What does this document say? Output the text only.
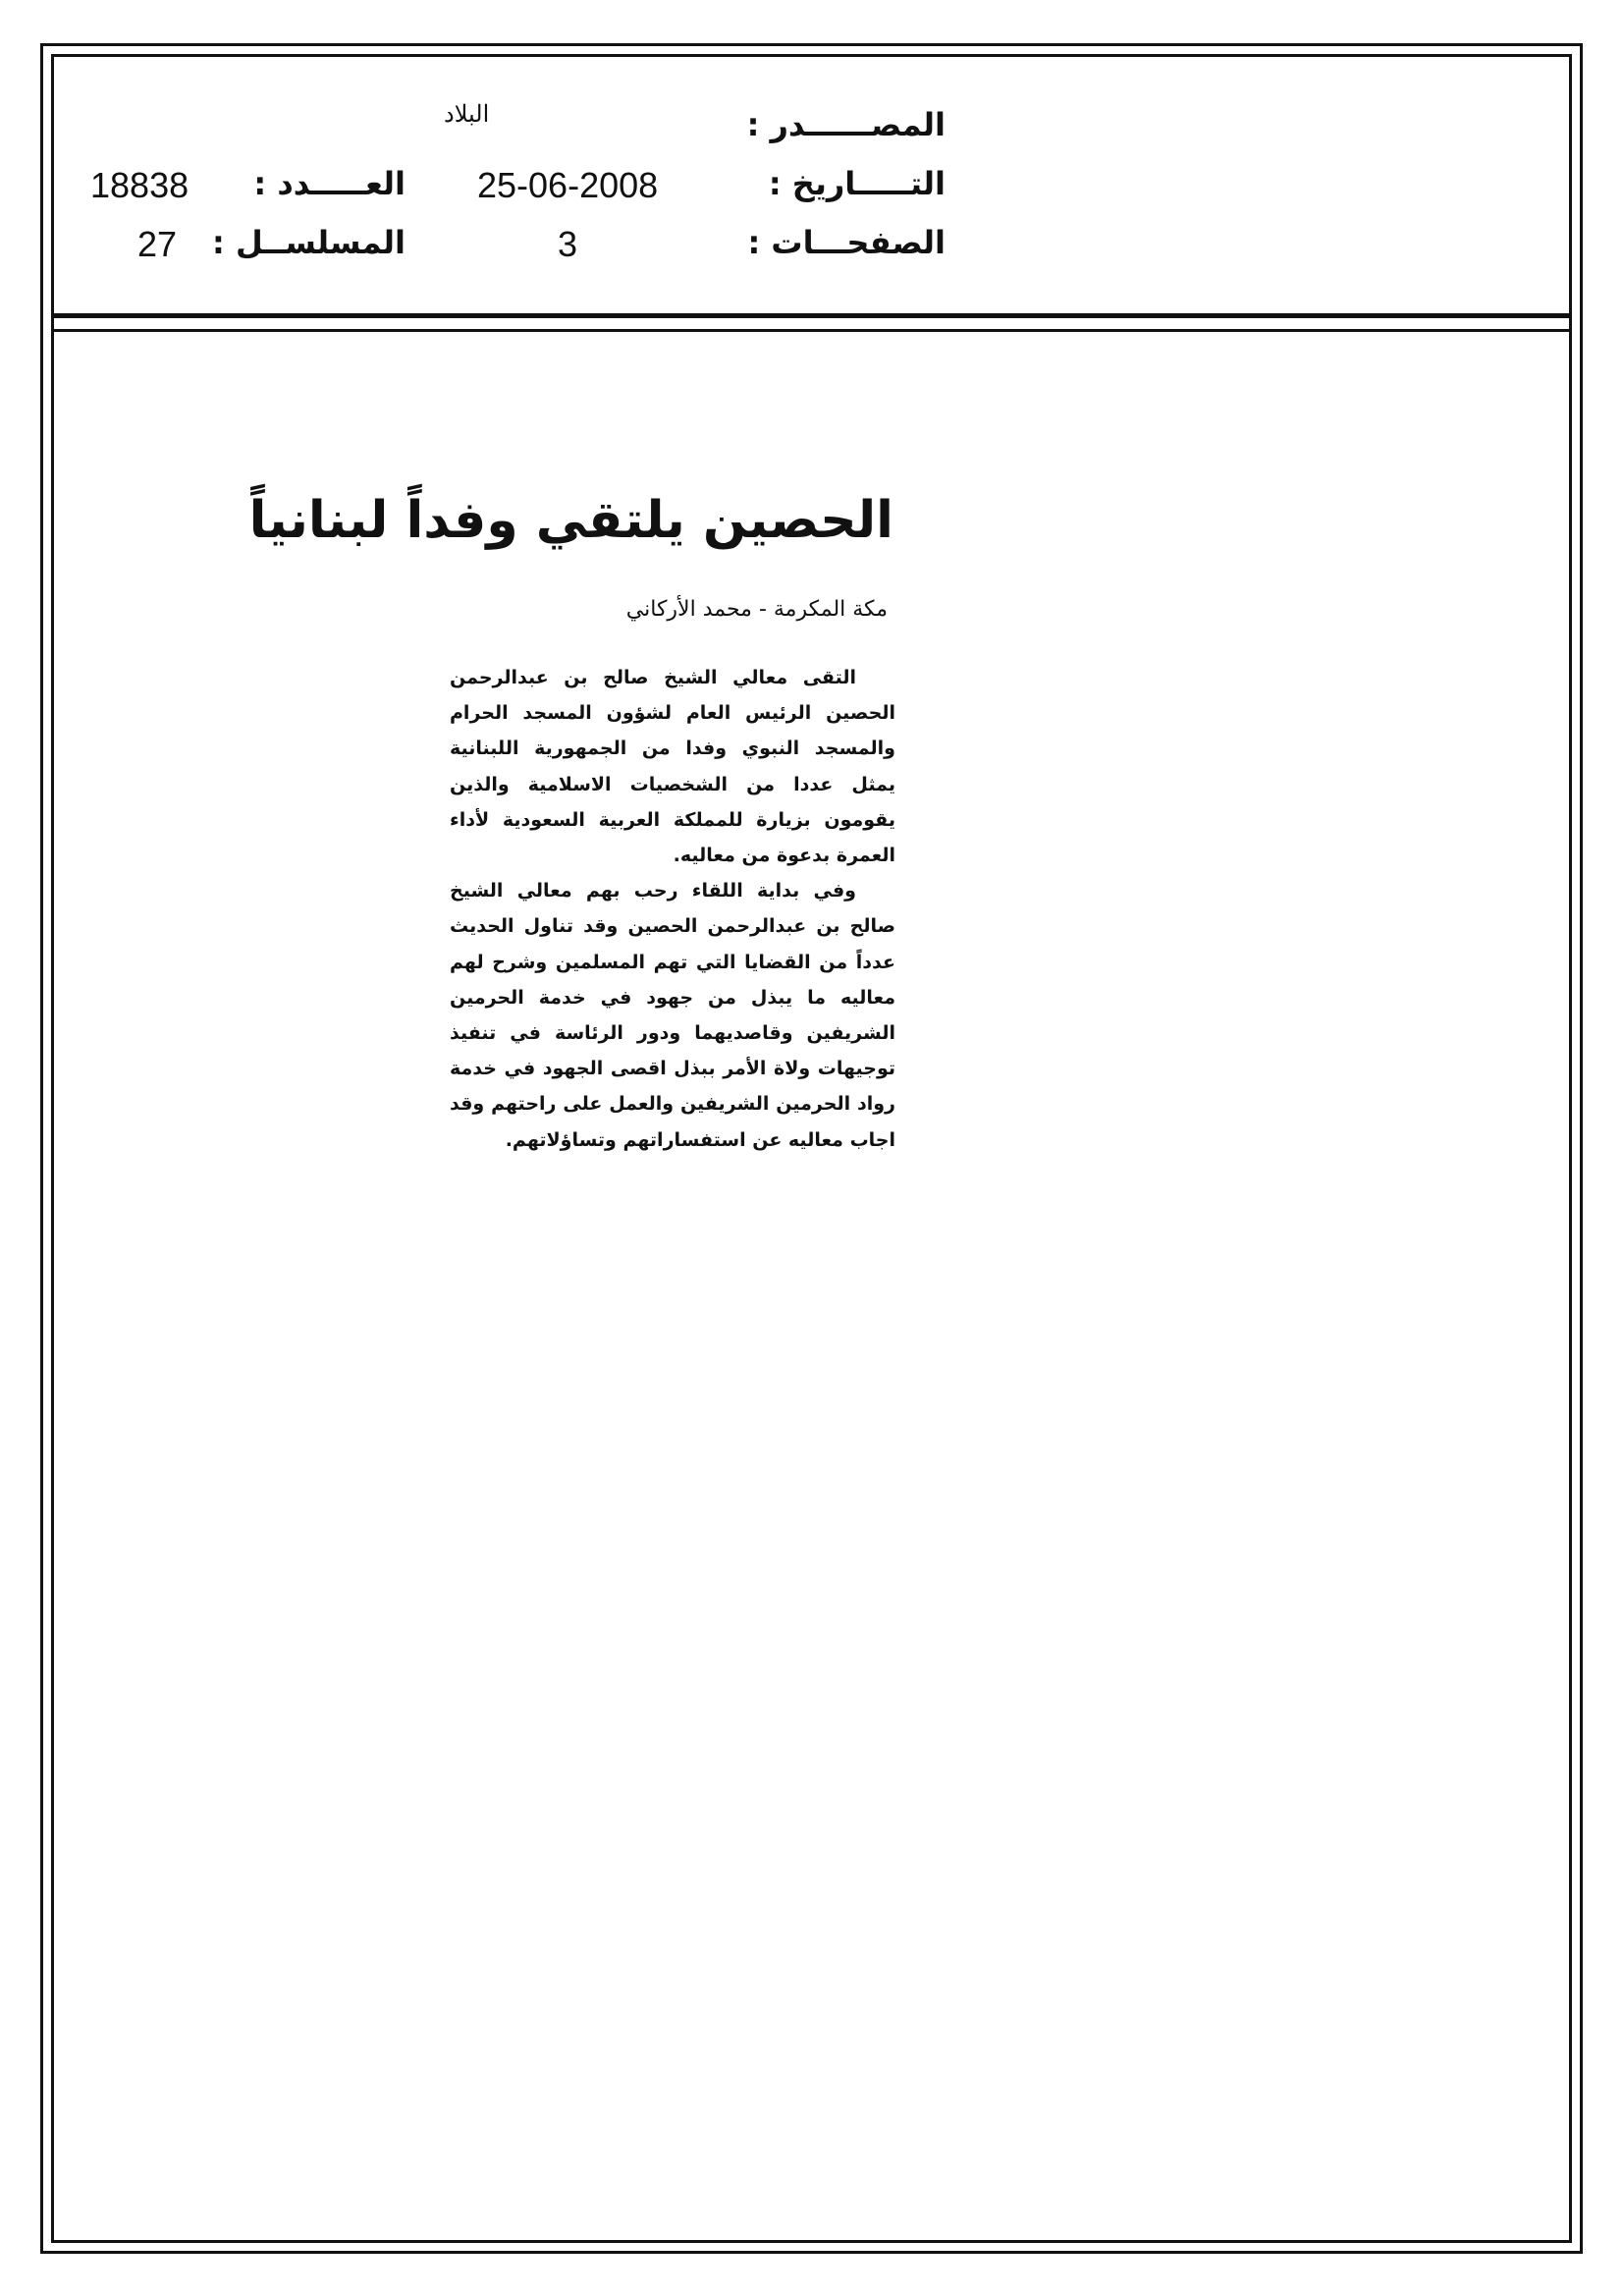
المصــــــدر :
البلاد
التـــــاريخ :
25-06-2008
العـــــدد :
18838
الصفحـــات :
3
المسلســل :
27
الحصين يلتقي وفداً لبنانياً
مكة المكرمة - محمد الأركاني

التقى معالي الشيخ صالح بن عبدالرحمن الحصين الرئيس العام لشؤون المسجد الحرام والمسجد النبوي وفدا من الجمهورية اللبنانية يمثل عددا من الشخصيات الاسلامية والذين يقومون بزيارة للمملكة العربية السعودية لأداء العمرة بدعوة من معاليه.

وفي بداية اللقاء رحب بهم معالي الشيخ صالح بن عبدالرحمن الحصين وقد تناول الحديث عدداً من القضايا التي تهم المسلمين وشرح لهم معاليه ما يبذل من جهود في خدمة الحرمين الشريفين وقاصديهما ودور الرئاسة في تنفيذ توجيهات ولاة الأمر ببذل اقصى الجهود في خدمة رواد الحرمين الشريفين والعمل على راحتهم وقد اجاب معاليه عن استفساراتهم وتساؤلاتهم.
